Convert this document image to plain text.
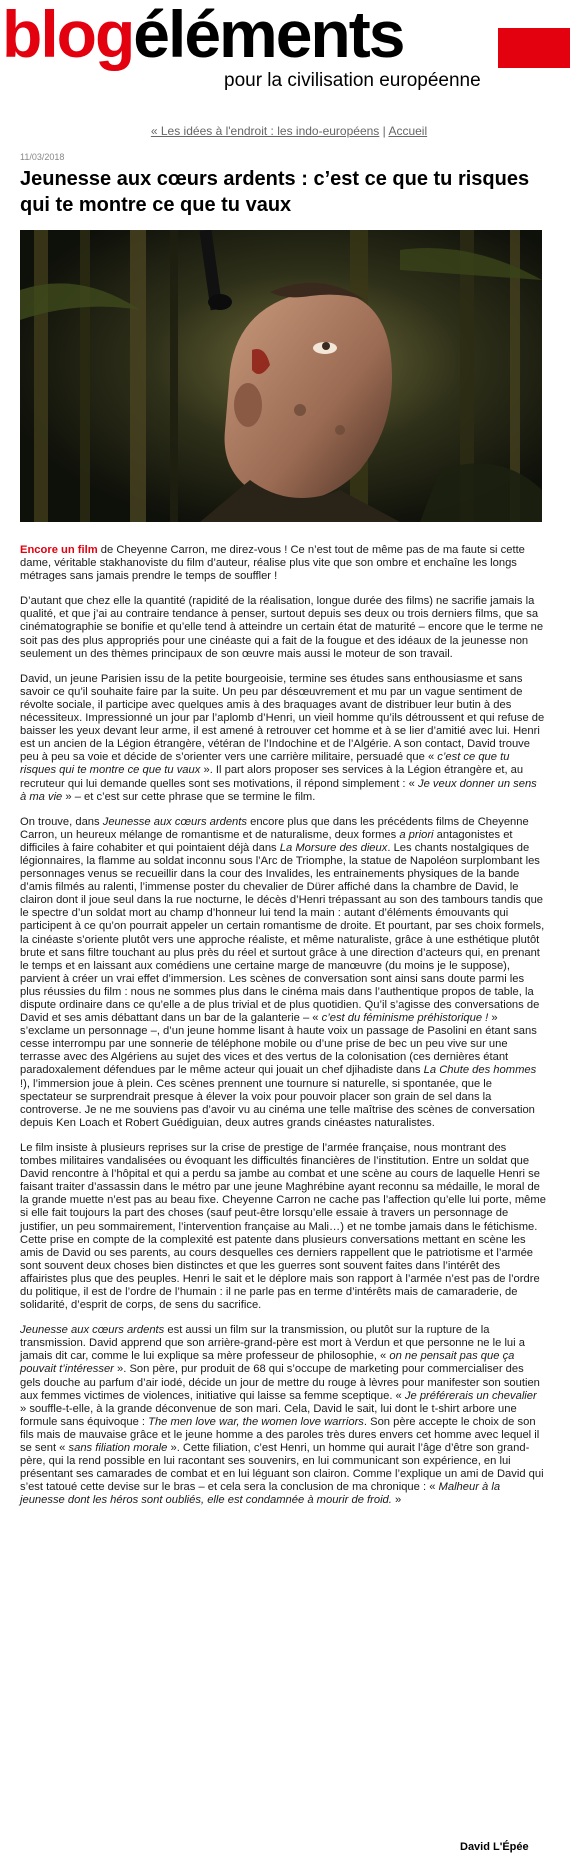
blogéléments
pour la civilisation européenne
« Les idées à l'endroit : les indo-européens | Accueil
11/03/2018
Jeunesse aux cœurs ardents : c’est ce que tu risques qui te montre ce que tu vaux

Encore un film de Cheyenne Carron, me direz-vous ! Ce n’est tout de même pas de ma faute si cette dame, véritable stakhanoviste du film d’auteur, réalise plus vite que son ombre et enchaîne les longs métrages sans jamais prendre le temps de souffler !

D’autant que chez elle la quantité (rapidité de la réalisation, longue durée des films) ne sacrifie jamais la qualité, et que j’ai au contraire tendance à penser, surtout depuis ses deux ou trois derniers films, que sa cinématographie se bonifie et qu’elle tend à atteindre un certain état de maturité – encore que le terme ne soit pas des plus appropriés pour une cinéaste qui a fait de la fougue et des idéaux de la jeunesse non seulement un des thèmes principaux de son œuvre mais aussi le moteur de son travail.

David, un jeune Parisien issu de la petite bourgeoisie, termine ses études sans enthousiasme et sans savoir ce qu’il souhaite faire par la suite. Un peu par désœuvrement et mu par un vague sentiment de révolte sociale, il participe avec quelques amis à des braquages avant de distribuer leur butin à des nécessiteux. Impressionné un jour par l’aplomb d’Henri, un vieil homme qu’ils détroussent et qui refuse de baisser les yeux devant leur arme, il est amené à retrouver cet homme et à se lier d’amitié avec lui. Henri est un ancien de la Légion étrangère, vétéran de l’Indochine et de l’Algérie. A son contact, David trouve peu à peu sa voie et décide de s’orienter vers une carrière militaire, persuadé que « c’est ce que tu risques qui te montre ce que tu vaux ». Il part alors proposer ses services à la Légion étrangère et, au recruteur qui lui demande quelles sont ses motivations, il répond simplement : « Je veux donner un sens à ma vie » – et c’est sur cette phrase que se termine le film.

On trouve, dans Jeunesse aux cœurs ardents encore plus que dans les précédents films de Cheyenne Carron, un heureux mélange de romantisme et de naturalisme, deux formes a priori antagonistes et difficiles à faire cohabiter et qui pointaient déjà dans La Morsure des dieux. Les chants nostalgiques de légionnaires, la flamme au soldat inconnu sous l’Arc de Triomphe, la statue de Napoléon surplombant les personnages venus se recueillir dans la cour des Invalides, les entrainements physiques de la bande d’amis filmés au ralenti, l’immense poster du chevalier de Dürer affiché dans la chambre de David, le clairon dont il joue seul dans la rue nocturne, le décès d’Henri trépassant au son des tambours tandis que le spectre d’un soldat mort au champ d’honneur lui tend la main : autant d’éléments émouvants qui participent à ce qu’on pourrait appeler un certain romantisme de droite. Et pourtant, par ses choix formels, la cinéaste s’oriente plutôt vers une approche réaliste, et même naturaliste, grâce à une esthétique plutôt brute et sans filtre touchant au plus près du réel et surtout grâce à une direction d’acteurs qui, en prenant le temps et en laissant aux comédiens une certaine marge de manœuvre (du moins je le suppose), parvient à créer un vrai effet d’immersion. Les scènes de conversation sont ainsi sans doute parmi les plus réussies du film : nous ne sommes plus dans le cinéma mais dans l’authentique propos de table, la dispute ordinaire dans ce qu’elle a de plus trivial et de plus quotidien. Qu’il s’agisse des conversations de David et ses amis débattant dans un bar de la galanterie – « c’est du féminisme préhistorique ! » s’exclame un personnage –, d’un jeune homme lisant à haute voix un passage de Pasolini en étant sans cesse interrompu par une sonnerie de téléphone mobile ou d’une prise de bec un peu vive sur une terrasse avec des Algériens au sujet des vices et des vertus de la colonisation (ces dernières étant paradoxalement défendues par le même acteur qui jouait un chef djihadiste dans La Chute des hommes !), l’immersion joue à plein. Ces scènes prennent une tournure si naturelle, si spontanée, que le spectateur se surprendrait presque à élever la voix pour pouvoir placer son grain de sel dans la controverse. Je ne me souviens pas d’avoir vu au cinéma une telle maîtrise des scènes de conversation depuis Ken Loach et Robert Guédiguian, deux autres grands cinéastes naturalistes.

Le film insiste à plusieurs reprises sur la crise de prestige de l’armée française, nous montrant des tombes militaires vandalisées ou évoquant les difficultés financières de l’institution. Entre un soldat que David rencontre à l’hôpital et qui a perdu sa jambe au combat et une scène au cours de laquelle Henri se faisant traiter d’assassin dans le métro par une jeune Maghrébine ayant reconnu sa médaille, le moral de la grande muette n’est pas au beau fixe. Cheyenne Carron ne cache pas l’affection qu’elle lui porte, même si elle fait toujours la part des choses (sauf peut-être lorsqu’elle essaie à travers un personnage de justifier, un peu sommairement, l’intervention française au Mali…) et ne tombe jamais dans le fétichisme. Cette prise en compte de la complexité est patente dans plusieurs conversations mettant en scène les amis de David ou ses parents, au cours desquelles ces derniers rappellent que le patriotisme et l’armée sont souvent deux choses bien distinctes et que les guerres sont souvent faites dans l’intérêt des affairistes plus que des peuples. Henri le sait et le déplore mais son rapport à l’armée n’est pas de l’ordre du politique, il est de l’ordre de l’humain : il ne parle pas en terme d’intérêts mais de camaraderie, de solidarité, d’esprit de corps, de sens du sacrifice.

Jeunesse aux cœurs ardents est aussi un film sur la transmission, ou plutôt sur la rupture de la transmission. David apprend que son arrière-grand-père est mort à Verdun et que personne ne le lui a jamais dit car, comme le lui explique sa mère professeur de philosophie, « on ne pensait pas que ça pouvait t’intéresser ». Son père, pur produit de 68 qui s’occupe de marketing pour commercialiser des gels douche au parfum d’air iodé, décide un jour de mettre du rouge à lèvres pour manifester son soutien aux femmes victimes de violences, initiative qui laisse sa femme sceptique. « Je préférerais un chevalier » souffle-t-elle, à la grande déconvenue de son mari. Cela, David le sait, lui dont le t-shirt arbore une formule sans équivoque : The men love war, the women love warriors. Son père accepte le choix de son fils mais de mauvaise grâce et le jeune homme a des paroles très dures envers cet homme avec lequel il se sent « sans filiation morale ». Cette filiation, c’est Henri, un homme qui aurait l’âge d’être son grand-père, qui la rend possible en lui racontant ses souvenirs, en lui communicant son expérience, en lui présentant ses camarades de combat et en lui léguant son clairon. Comme l’explique un ami de David qui s’est tatoué cette devise sur le bras – et cela sera la conclusion de ma chronique : « Malheur à la jeunesse dont les héros sont oubliés, elle est condamnée à mourir de froid. »

David L'Épée
